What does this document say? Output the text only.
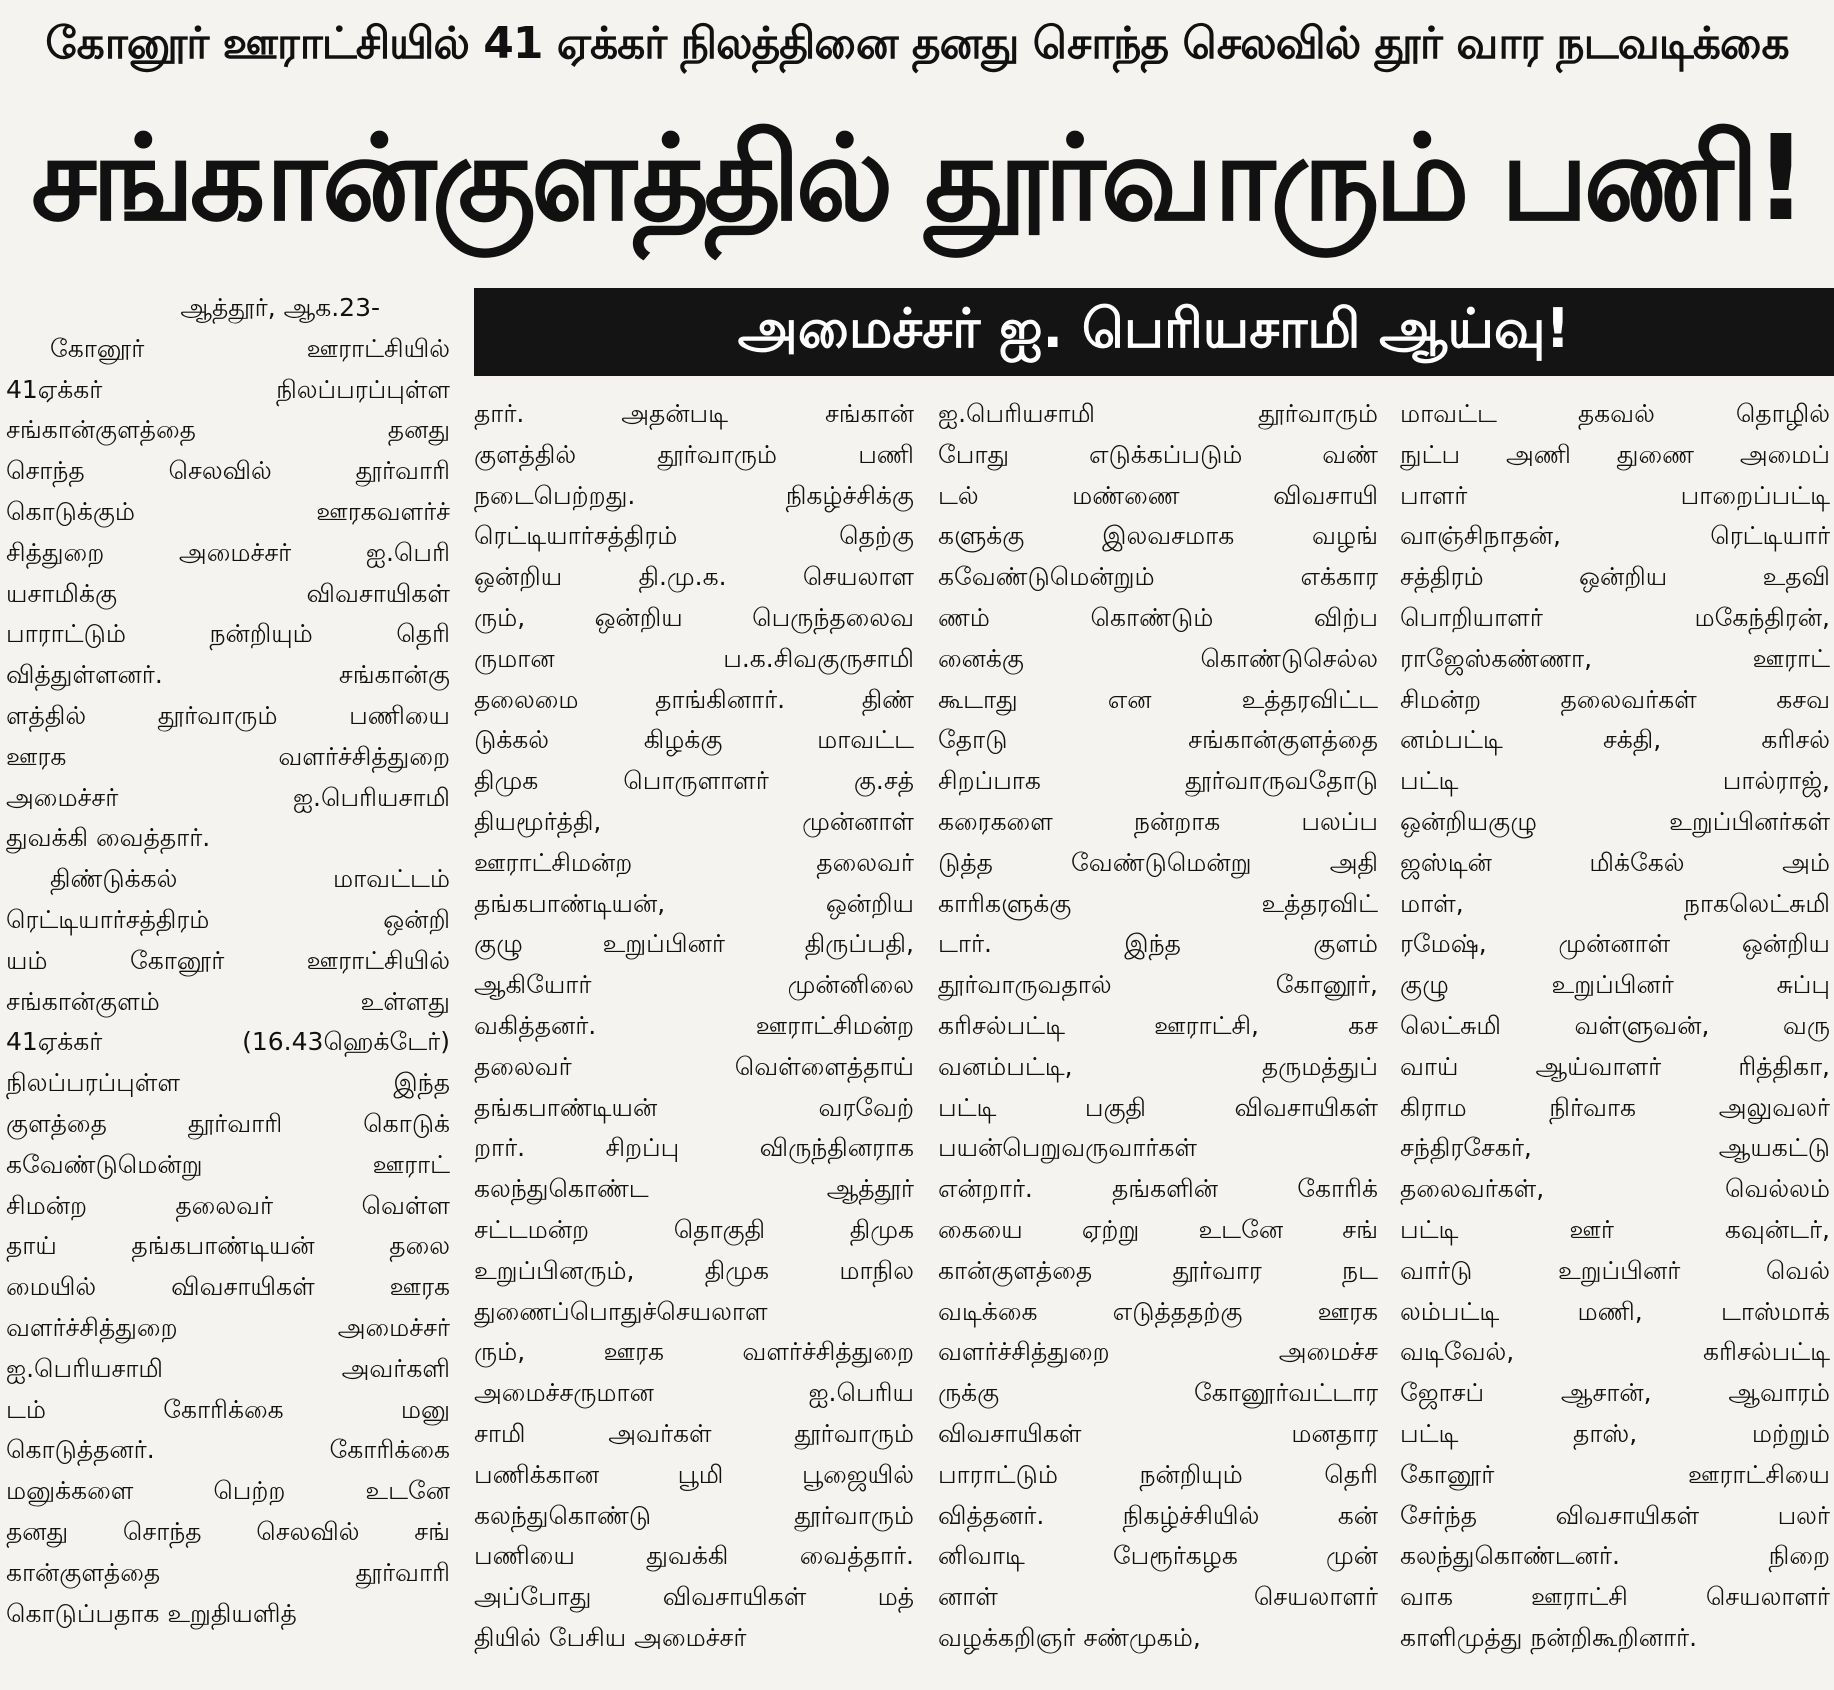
கோனூர் ஊராட்சியில் 41 ஏக்கர் நிலத்தினை தனது சொந்த செலவில் தூர் வார நடவடிக்கை
சங்கான்குளத்தில் தூர்வாரும் பணி!
அமைச்சர் ஐ. பெரியசாமி ஆய்வு!
ஆத்தூர், ஆக.23-
கோனூர் ஊராட்சியில்
41ஏக்கர் நிலப்பரப்புள்ள
சங்கான்குளத்தை தனது
சொந்த செலவில் தூர்வாரி
கொடுக்கும் ஊரகவளர்ச்
சித்துறை அமைச்சர் ஐ.பெரி
யசாமிக்கு விவசாயிகள்
பாராட்டும் நன்றியும் தெரி
வித்துள்ளனர். சங்கான்கு
ளத்தில் தூர்வாரும் பணியை
ஊரக வளர்ச்சித்துறை
அமைச்சர் ஐ.பெரியசாமி
துவக்கி வைத்தார்.
திண்டுக்கல் மாவட்டம்
ரெட்டியார்சத்திரம் ஒன்றி
யம் கோனூர் ஊராட்சியில்
சங்கான்குளம் உள்ளது
41ஏக்கர் (16.43ஹெக்டேர்)
நிலப்பரப்புள்ள இந்த
குளத்தை தூர்வாரி கொடுக்
கவேண்டுமென்று ஊராட்
சிமன்ற தலைவர் வெள்ள
தாய் தங்கபாண்டியன் தலை
மையில் விவசாயிகள் ஊரக
வளர்ச்சித்துறை அமைச்சர்
ஐ.பெரியசாமி அவர்களி
டம் கோரிக்கை மனு
கொடுத்தனர். கோரிக்கை
மனுக்களை பெற்ற உடனே
தனது சொந்த செலவில் சங்
கான்குளத்தை தூர்வாரி
கொடுப்பதாக உறுதியளித்
தார். அதன்படி சங்கான்
குளத்தில் தூர்வாரும் பணி
நடைபெற்றது. நிகழ்ச்சிக்கு
ரெட்டியார்சத்திரம் தெற்கு
ஒன்றிய தி.மு.க. செயலாள
ரும், ஒன்றிய பெருந்தலைவ
ருமான ப.க.சிவகுருசாமி
தலைமை தாங்கினார். திண்
டுக்கல் கிழக்கு மாவட்ட
திமுக பொருளாளர் கு.சத்
தியமூர்த்தி, முன்னாள்
ஊராட்சிமன்ற தலைவர்
தங்கபாண்டியன், ஒன்றிய
குழு உறுப்பினர் திருப்பதி,
ஆகியோர் முன்னிலை
வகித்தனர். ஊராட்சிமன்ற
தலைவர் வெள்ளைத்தாய்
தங்கபாண்டியன் வரவேற்
றார். சிறப்பு விருந்தினராக
கலந்துகொண்ட ஆத்தூர்
சட்டமன்ற தொகுதி திமுக
உறுப்பினரும், திமுக மாநில
துணைப்பொதுச்செயலாள
ரும், ஊரக வளர்ச்சித்துறை
அமைச்சருமான ஐ.பெரிய
சாமி அவர்கள் தூர்வாரும்
பணிக்கான பூமி பூஜையில்
கலந்துகொண்டு தூர்வாரும்
பணியை துவக்கி வைத்தார்.
அப்போது விவசாயிகள் மத்
தியில் பேசிய அமைச்சர்
ஐ.பெரியசாமி தூர்வாரும்
போது எடுக்கப்படும் வண்
டல் மண்ணை விவசாயி
களுக்கு இலவசமாக வழங்
கவேண்டுமென்றும் எக்கார
ணம் கொண்டும் விற்ப
னைக்கு கொண்டுசெல்ல
கூடாது என உத்தரவிட்ட
தோடு சங்கான்குளத்தை
சிறப்பாக தூர்வாருவதோடு
கரைகளை நன்றாக பலப்ப
டுத்த வேண்டுமென்று அதி
காரிகளுக்கு உத்தரவிட்
டார். இந்த குளம்
தூர்வாருவதால் கோனூர்,
கரிசல்பட்டி ஊராட்சி, கச
வனம்பட்டி, தருமத்துப்
பட்டி பகுதி விவசாயிகள்
பயன்பெறுவருவார்கள்
என்றார். தங்களின் கோரிக்
கையை ஏற்று உடனே சங்
கான்குளத்தை தூர்வார நட
வடிக்கை எடுத்ததற்கு ஊரக
வளர்ச்சித்துறை அமைச்ச
ருக்கு கோனூர்வட்டார
விவசாயிகள் மனதார
பாராட்டும் நன்றியும் தெரி
வித்தனர். நிகழ்ச்சியில் கன்
னிவாடி பேரூர்கழக முன்
னாள் செயலாளர்
வழக்கறிஞர் சண்முகம்,
மாவட்ட தகவல் தொழில்
நுட்ப அணி துணை அமைப்
பாளர் பாறைப்பட்டி
வாஞ்சிநாதன், ரெட்டியார்
சத்திரம் ஒன்றிய உதவி
பொறியாளர் மகேந்திரன்,
ராஜேஸ்கண்ணா, ஊராட்
சிமன்ற தலைவர்கள் கசவ
னம்பட்டி சக்தி, கரிசல்
பட்டி பால்ராஜ்,
ஒன்றியகுழு உறுப்பினர்கள்
ஜஸ்டின் மிக்கேல் அம்
மாள், நாகலெட்சுமி
ரமேஷ், முன்னாள் ஒன்றிய
குழு உறுப்பினர் சுப்பு
லெட்சுமி வள்ளுவன், வரு
வாய் ஆய்வாளர் ரித்திகா,
கிராம நிர்வாக அலுவலர்
சந்திரசேகர், ஆயகட்டு
தலைவர்கள், வெல்லம்
பட்டி ஊர் கவுன்டர்,
வார்டு உறுப்பினர் வெல்
லம்பட்டி மணி, டாஸ்மாக்
வடிவேல், கரிசல்பட்டி
ஜோசப் ஆசான், ஆவாரம்
பட்டி தாஸ், மற்றும்
கோனூர் ஊராட்சியை
சேர்ந்த விவசாயிகள் பலர்
கலந்துகொண்டனர். நிறை
வாக ஊராட்சி செயலாளர்
காளிமுத்து நன்றிகூறினார்.
